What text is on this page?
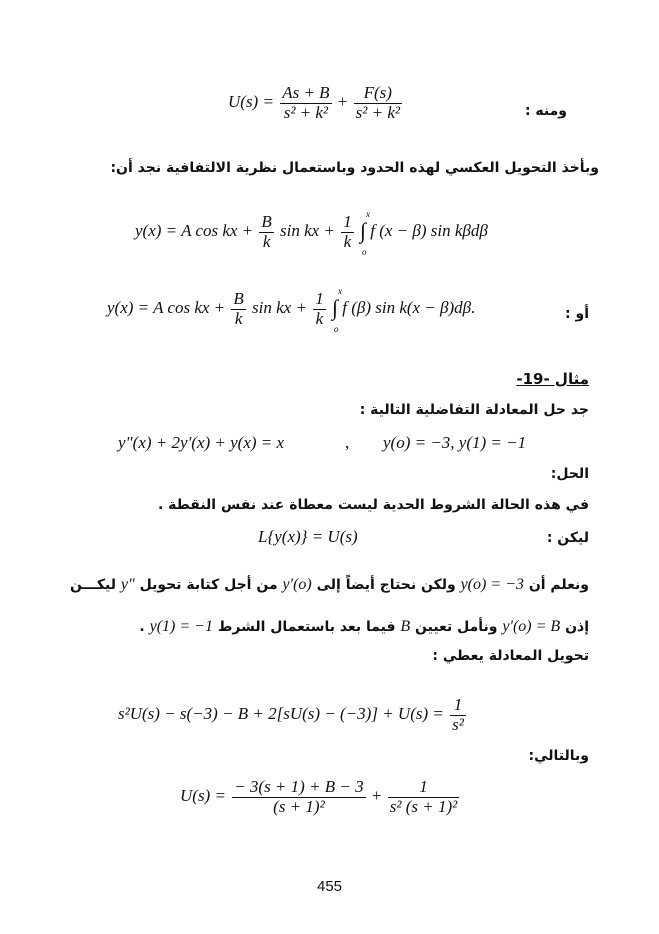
$U(s) = \frac{As + B}{\text{s² + k²}} + \frac{F(s)}{\text{s² + k²}}$	ومنه :
وبأخذ التحويل العكسي لهذه الحدود وباستعمال نظرية الالتفافية نجد أن:
y(x) = A cos kx + $\frac{B}{k}$ sin kx + $\frac{1}{k}$ ∫
x
o
f (x − β) sin kβdβ
y(x) = A cos kx + $\frac{B}{k}$ sin kx + $\frac{1}{k}$ ∫
x
o
f (β) sin k(x − β)dβ.	أو :
مثال -19-
جد حل المعادلة التفاضلية التالية :
y"(x) + 2y′(x) + y(x) = x	, y(o) = −3, y(1) = −1
الحل:
في هذه الحالة الشروط الحدية ليست معطاة عند نفس النقطة .
L{y(x)} = U(s)	ليكن :
ونعلم أن y(o) = −3 ولكن نحتاج أيضاً إلى y′(o) من أجل كتابة تحويل y" ليكـــن
إذن y′(o) = B ونأمل تعيين B فيما بعد باستعمال الشرط y(1) = −1 .
تحويل المعادلة يعطي :
$s^2U(s) - s(-3) - B + 2[sU(s) - (-3)] + U(s) = \frac{1}{\text{s²}}$
وبالتالي:
$U(s) = \frac{- 3(s + 1) + B - 3}{\text{(s + 1)²}} + \frac{1}{\text{s² (s + 1)²}}$
455
